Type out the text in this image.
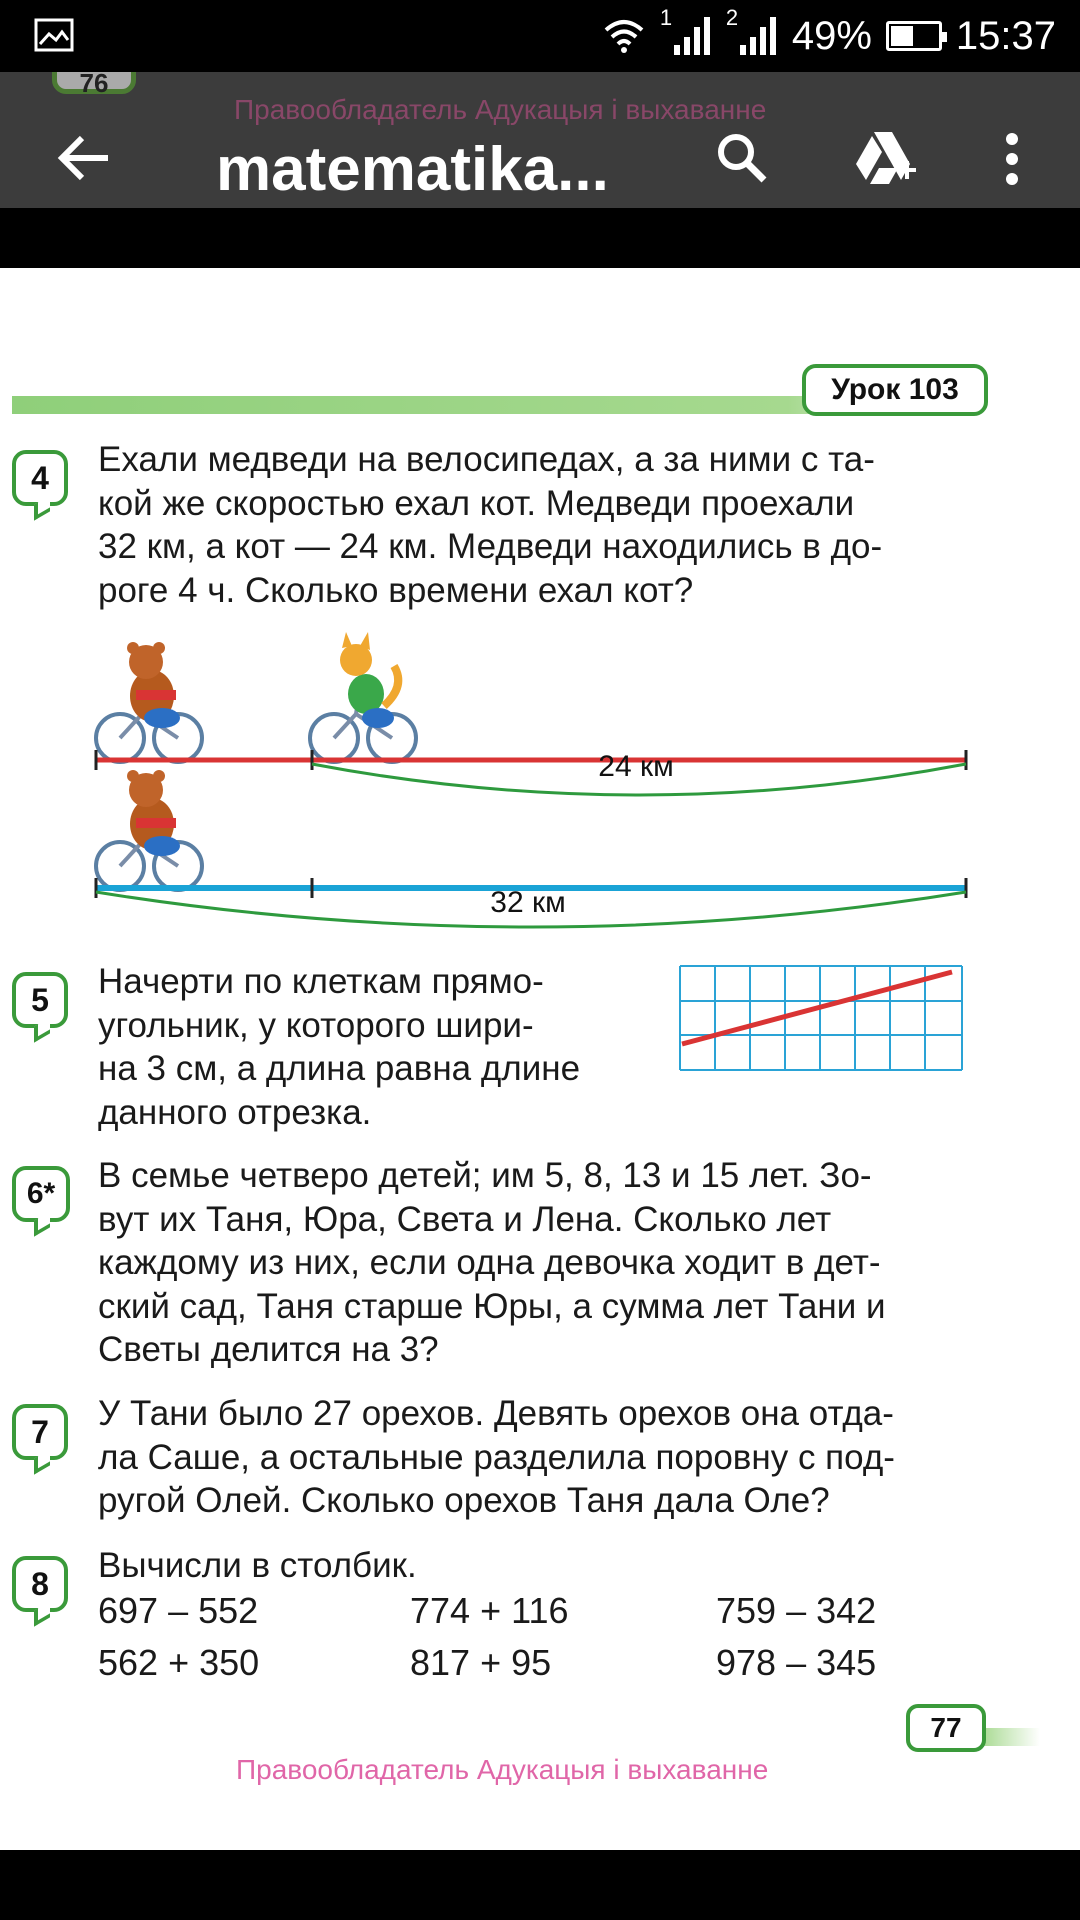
1 2 49% 15:37
76
Правообладатель Адукацыя і выхаванне
matematika...
Урок 103
4	Ехали медведи на велосипедах, а за ними с та-
кой же скоростью ехал кот. Медведи проехали
32 км, а кот — 24 км. Медведи находились в до-
роге 4 ч. Сколько времени ехал кот?
24 км
32 км
5	Начерти по клеткам прямо-
угольник, у которого шири-
на 3 см, а длина равна длине
данного отрезка.
6*	В семье четверо детей; им 5, 8, 13 и 15 лет. Зо-
вут их Таня, Юра, Света и Лена. Сколько лет
каждому из них, если одна девочка ходит в дет-
ский сад, Таня старше Юры, а сумма лет Тани и
Светы делится на 3?
7	У Тани было 27 орехов. Девять орехов она отда-
ла Саше, а остальные разделила поровну с под-
ругой Олей. Сколько орехов Таня дала Оле?
8	Вычисли в столбик.
697 – 552	774 + 116	759 – 342
562 + 350	817 + 95	978 – 345
77
Правообладатель Адукацыя і выхаванне
